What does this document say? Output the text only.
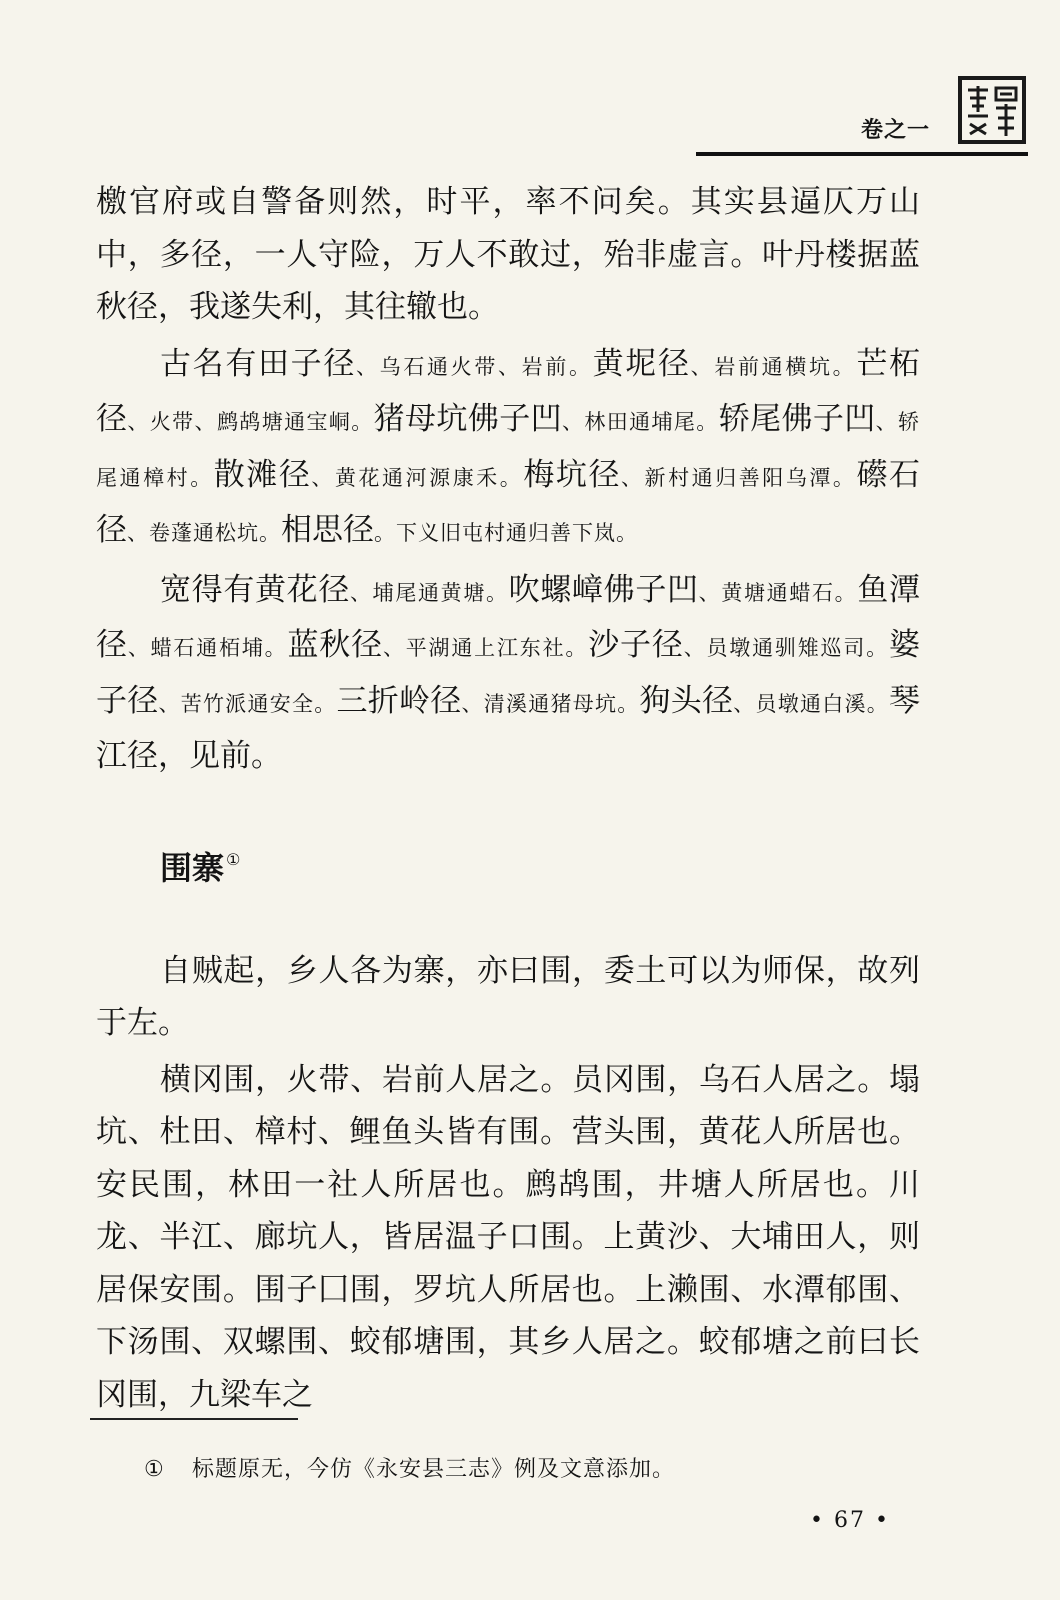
卷之一

檄官府或自警备则然，时平，率不问矣。其实县逼仄万山中，多径，一人守险，万人不敢过，殆非虚言。叶丹楼据蓝秋径，我遂失利，其往辙也。

古名有田子径、乌石通火带、岩前。黄坭径、岩前通横坑。芒柘径、火带、鹧鸪塘通宝峒。猪母坑佛子凹、林田通埔尾。轿尾佛子凹、轿尾通樟村。散滩径、黄花通河源康禾。梅坑径、新村通归善阳乌潭。礤石径、卷蓬通松坑。相思径。下义旧屯村通归善下岚。

宽得有黄花径、埔尾通黄塘。吹螺嶂佛子凹、黄塘通蜡石。鱼潭径、蜡石通栢埔。蓝秋径、平湖通上江东社。沙子径、员墩通驯雉巡司。婆子径、苦竹派通安全。三折岭径、清溪通猪母坑。狗头径、员墩通白溪。琴江径，见前。

围寨 ①

自贼起，乡人各为寨，亦曰围，委土可以为师保，故列于左。

横冈围，火带、岩前人居之。员冈围，乌石人居之。塌坑、杜田、樟村、鲤鱼头皆有围。营头围，黄花人所居也。安民围，林田一社人所居也。鹧鸪围，井塘人所居也。川龙、半江、廊坑人，皆居温子口围。上黄沙、大埔田人，则居保安围。围子囗围，罗坑人所居也。上濑围、水潭郁围、下汤围、双螺围、蛟郁塘围，其乡人居之。蛟郁塘之前曰长冈围，九梁车之

① 标题原无，今仿《永安县三志》例及文意添加。
• 67 •
